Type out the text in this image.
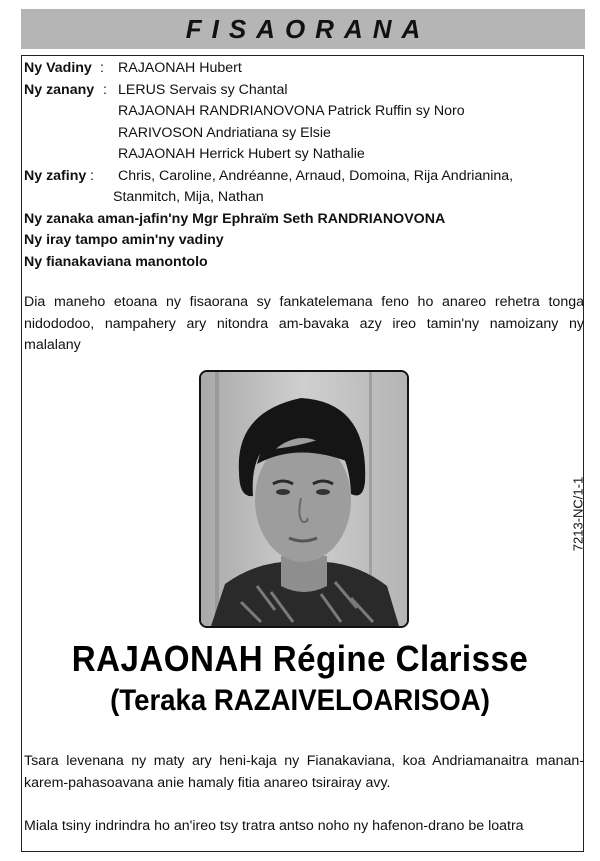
FISAORANA
Ny Vadiny : RAJAONAH Hubert
Ny zanany : LERUS Servais sy Chantal
RAJAONAH RANDRIANOVONA Patrick Ruffin sy Noro
RARIVOSON Andriatiana sy Elsie
RAJAONAH Herrick Hubert sy Nathalie
Ny zafiny : Chris, Caroline, Andréanne, Arnaud, Domoina, Rija Andrianina,
Stanmitch, Mija, Nathan
Ny zanaka aman-jafin'ny Mgr Ephraïm Seth RANDRIANOVONA
Ny iray tampo amin'ny vadiny
Ny fianakaviana manontolo
Dia maneho etoana ny fisaorana sy fankatelemana feno ho anareo rehetra tonga nidododoo, nampahery ary nitondra am-bavaka azy ireo tamin'ny namoizany ny malalany
7213-NC/1-1
RAJAONAH Régine Clarisse
(Teraka RAZAIVELOARISOA)
Tsara levenana ny maty ary heni-kaja ny Fianakaviana, koa Andriamanaitra manan-karem-pahasoavana anie hamaly fitia anareo tsirairay avy.
Miala tsiny indrindra ho an'ireo tsy tratra antso noho ny hafenon-drano be loatra
